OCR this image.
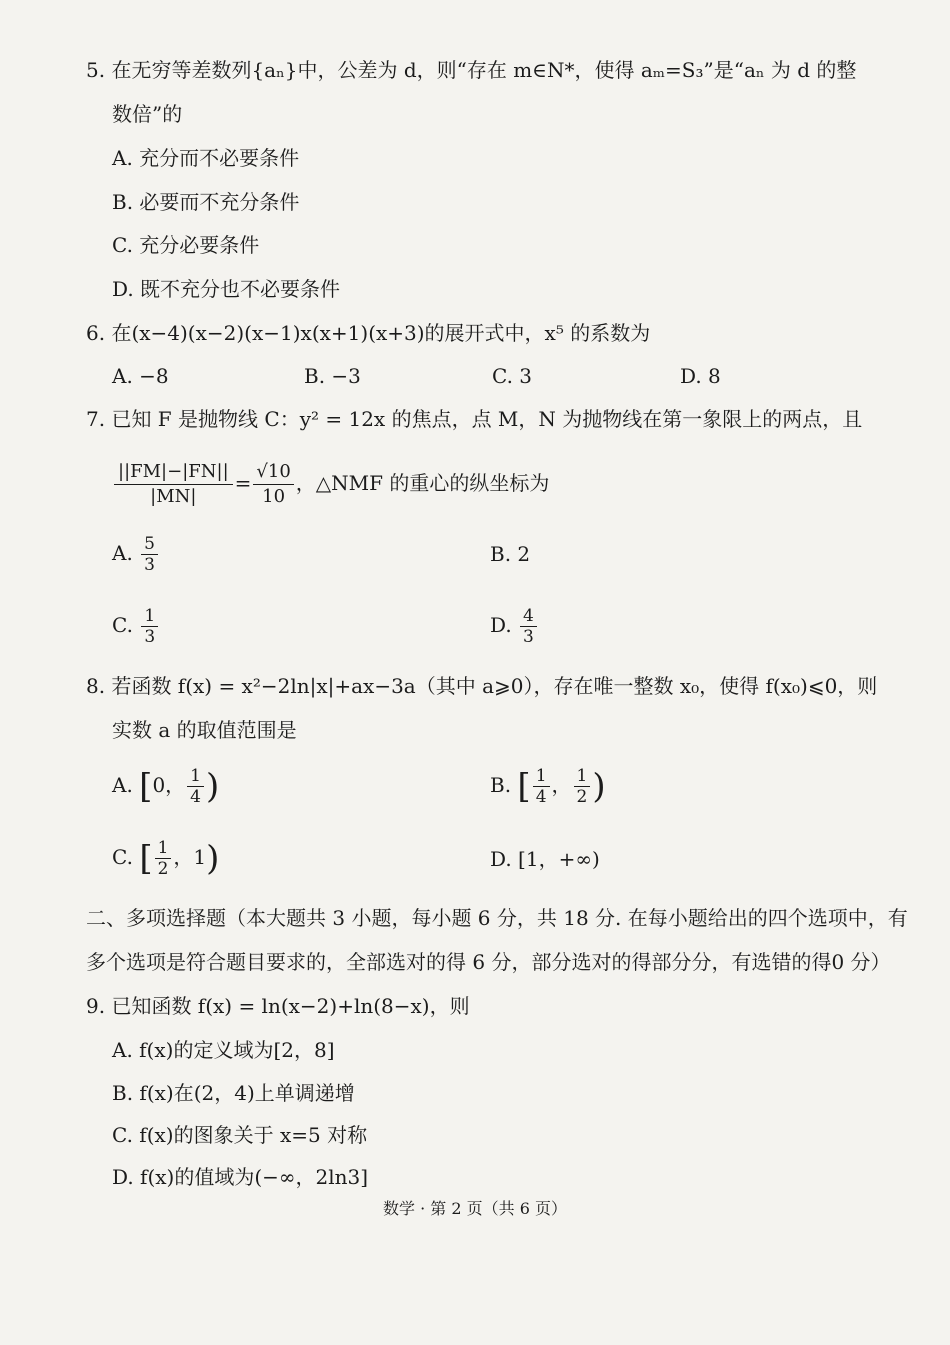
5. 在无穷等差数列{aₙ}中，公差为 d，则“存在 m∈N*，使得 aₘ=S₃”是“aₙ 为 d 的整
数倍”的
A. 充分而不必要条件
B. 必要而不充分条件
C. 充分必要条件
D. 既不充分也不必要条件
6. 在(x−4)(x−2)(x−1)x(x+1)(x+3)的展开式中，x⁵ 的系数为
A. −8	B. −3	C. 3	D. 8
7. 已知 F 是抛物线 C：y² = 12x 的焦点，点 M，N 为抛物线在第一象限上的两点，且
$\frac{||FM|-|FN||}{|MN|} = \frac{√10}{10}$ ，△NMF 的重心的纵坐标为
A. $\frac{5}{3}$	B. 2
C. $\frac{1}{3}$	D. $\frac{4}{3}$
8. 若函数 f(x) = x²−2ln|x|+ax−3a（其中 a⩾0），存在唯一整数 x₀，使得 f(x₀)⩽0，则
实数 a 的取值范围是
A. [0， $\frac{1}{4}$ )	B. [ $\frac{1}{4}$ ， $\frac{1}{2}$ )
C. [ $\frac{1}{2}$ ，1)	D. [1，+∞)
二、多项选择题（本大题共 3 小题，每小题 6 分，共 18 分. 在每小题给出的四个选项中，有
多个选项是符合题目要求的，全部选对的得 6 分，部分选对的得部分分，有选错的得0 分）
9. 已知函数 f(x) = ln(x−2)+ln(8−x)，则
A. f(x)的定义域为[2，8]
B. f(x)在(2，4)上单调递增
C. f(x)的图象关于 x=5 对称
D. f(x)的值域为(−∞，2ln3]
数学 · 第 2 页（共 6 页）
